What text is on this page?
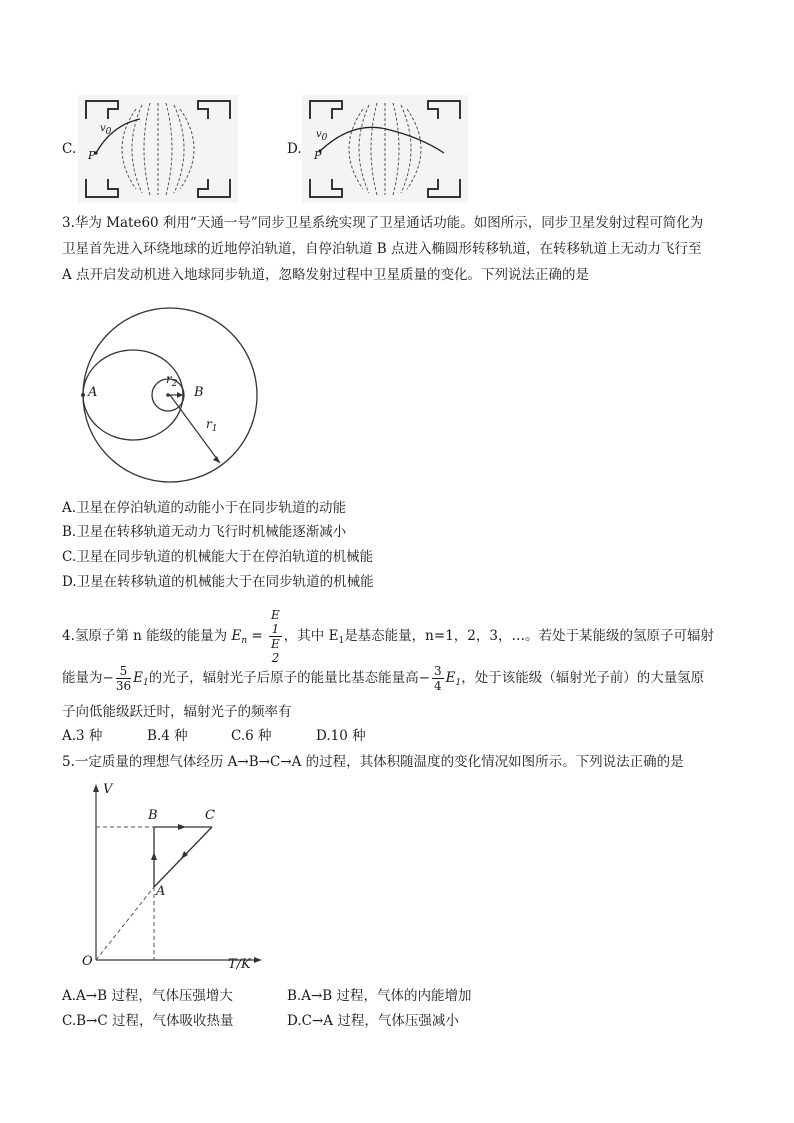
C.
v0
P	D.
v0
P
3.华为 Mate60 利用“天通一号”同步卫星系统实现了卫星通话功能。如图所示，同步卫星发射过程可简化为
卫星首先进入环绕地球的近地停泊轨道，自停泊轨道 B 点进入椭圆形转移轨道，在转移轨道上无动力飞行至
A 点开启发动机进入地球同步轨道，忽略发射过程中卫星质量的变化。下列说法正确的是
A	B
$r_2$
$r_1$
A.卫星在停泊轨道的动能小于在同步轨道的动能
B.卫星在转移轨道无动力飞行时机械能逐渐减小
C.卫星在同步轨道的机械能大于在停泊轨道的机械能
D.卫星在转移轨道的机械能大于在同步轨道的机械能
4.氢原子第 n 能级的能量为 $E_n = E$
1
E
2 ，其中 $E_1$是基态能量，n=1，2，3，…。若处于某能级的氢原子可辐射
能量为− $\frac{5}{36} E_1$的光子，辐射光子后原子的能量比基态能量高− $\frac{3}{4} E_1$，处于该能级（辐射光子前）的大量氢原
子向低能级跃迁时，辐射光子的频率有
A.3 种	B.4 种	C.6 种	D.10 种
5.一定质量的理想气体经历 A→B→C→A 的过程，其体积随温度的变化情况如图所示。下列说法正确的是
V
T/K
O
A
B	C
A.A→B 过程，气体压强增大	B.A→B 过程，气体的内能增加
C.B→C 过程，气体吸收热量	D.C→A 过程，气体压强减小
